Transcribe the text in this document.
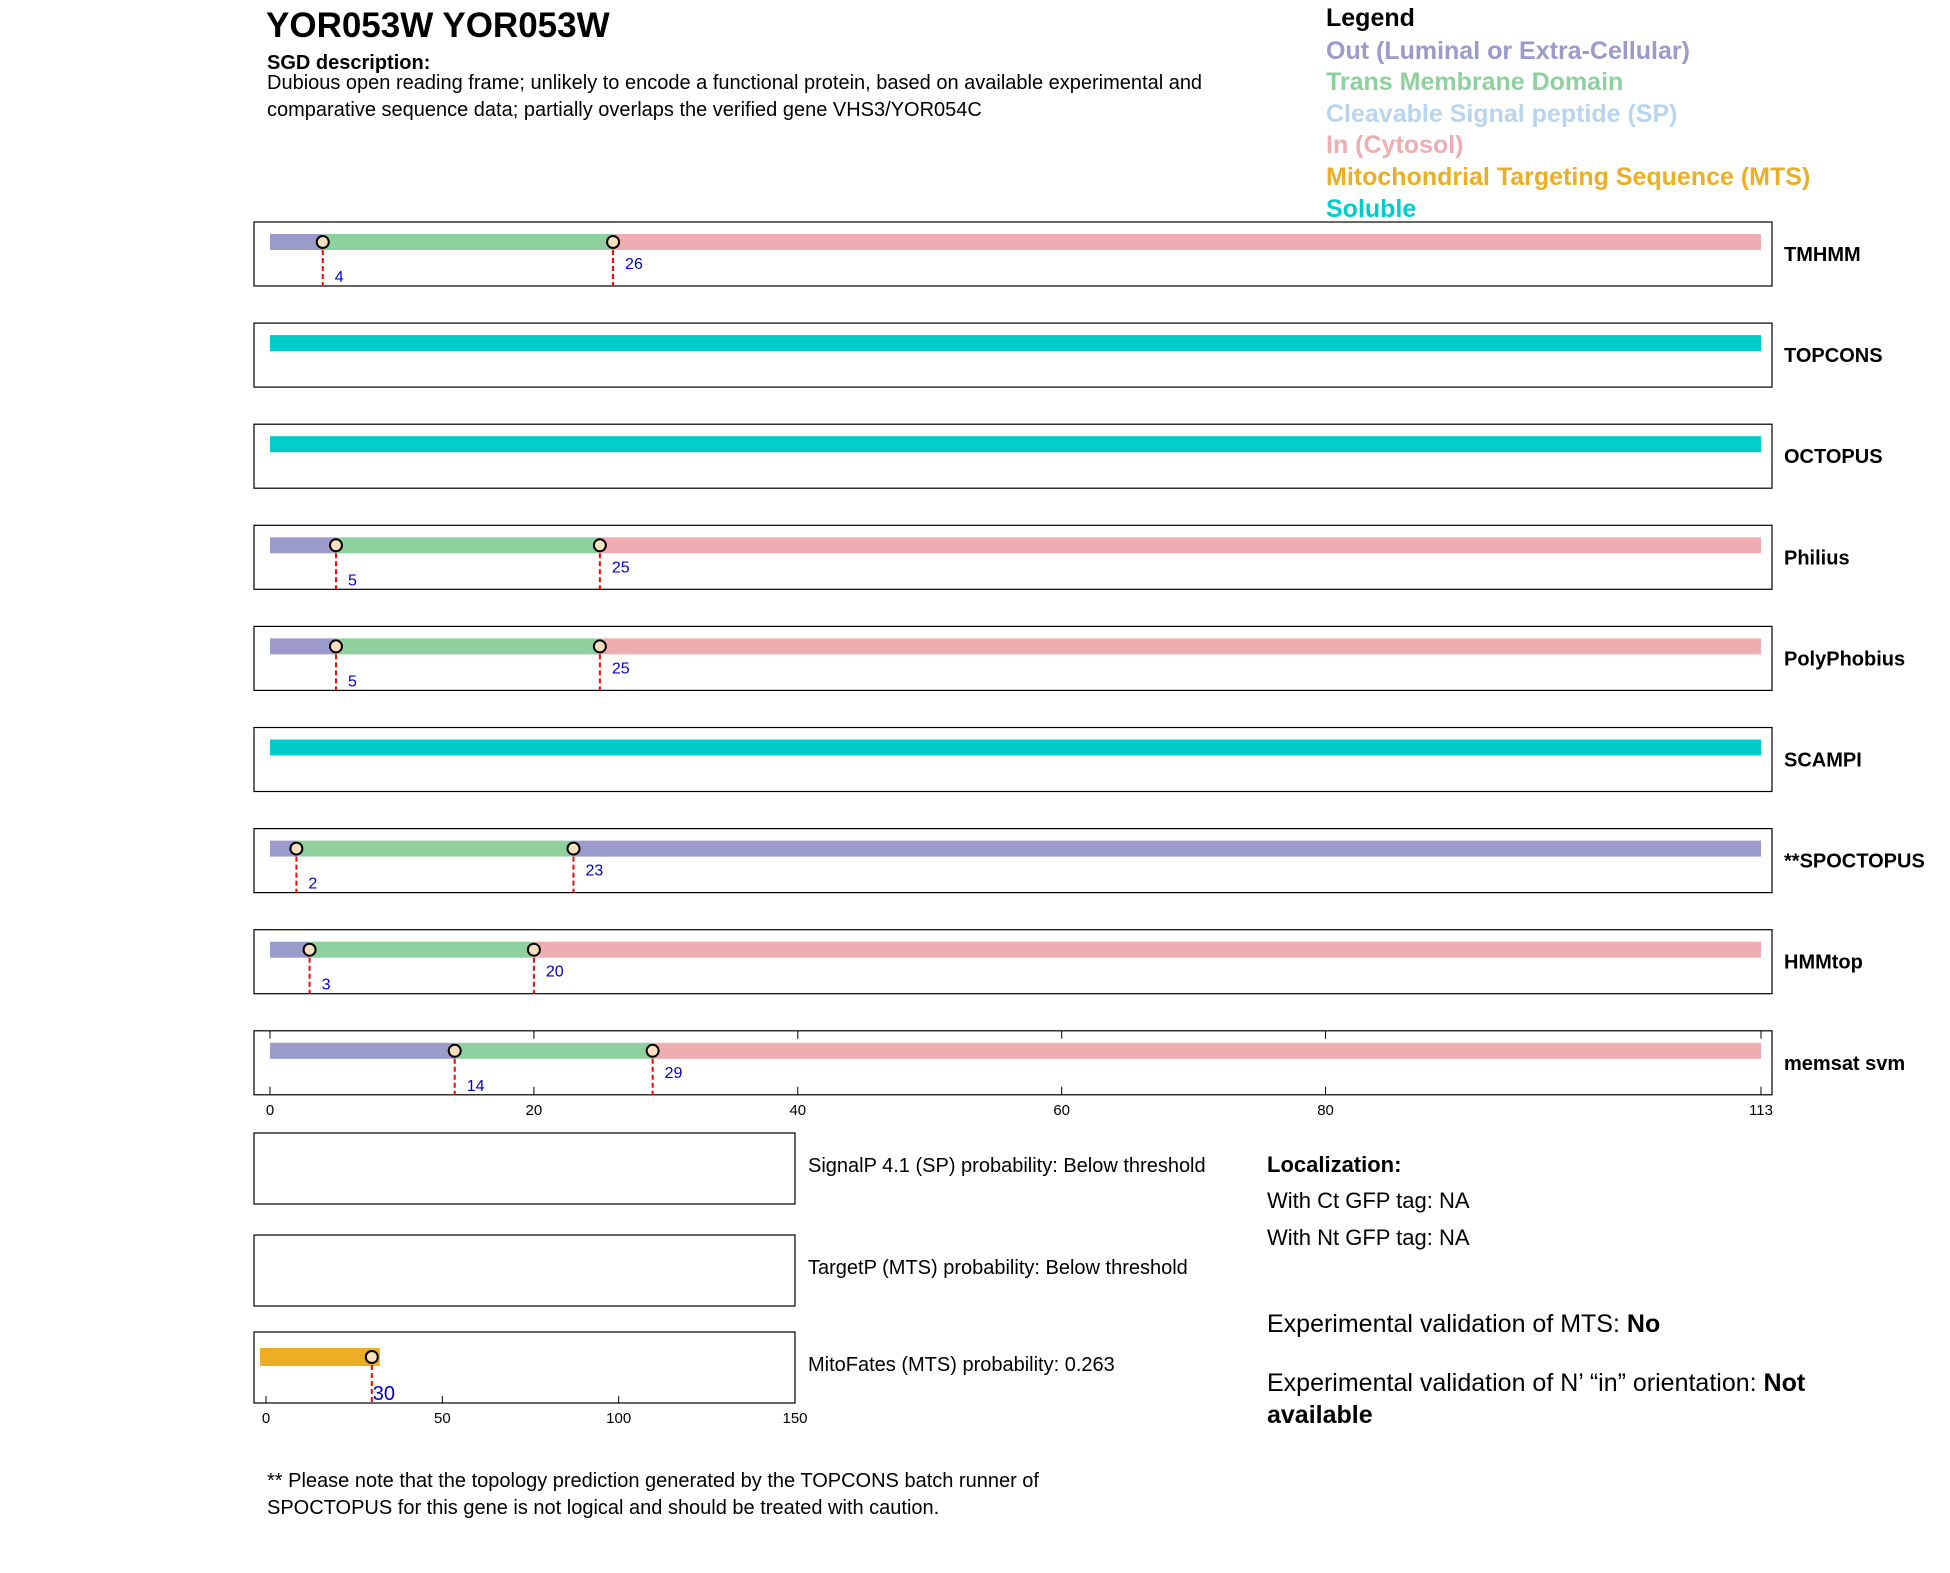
YOR053W YOR053W
SGD description:
Dubious open reading frame; unlikely to encode a functional protein, based on available experimental and comparative sequence data; partially overlaps the verified gene VHS3/YOR054C
Legend
Out (Luminal or Extra-Cellular)
Trans Membrane Domain
Cleavable Signal peptide (SP)
In (Cytosol)
Mitochondrial Targeting Sequence (MTS)
Soluble
4
26	TMHMM
TOPCONS
OCTOPUS
5
25	Philius
5
25	PolyPhobius
SCAMPI
2
23	**SPOCTOPUS
3
20	HMMtop
14
29	memsat svm
0	20	40	60	80	113
SignalP 4.1 (SP) probability: Below threshold
TargetP (MTS) probability: Below threshold
30
MitoFates (MTS) probability: 0.263
0	50	100	150
Localization:
With Ct GFP tag: NA
With Nt GFP tag: NA
Experimental validation of MTS: No
Experimental validation of N’ “in” orientation: Not available
** Please note that the topology prediction generated by the TOPCONS batch runner of SPOCTOPUS for this gene is not logical and should be treated with caution.
